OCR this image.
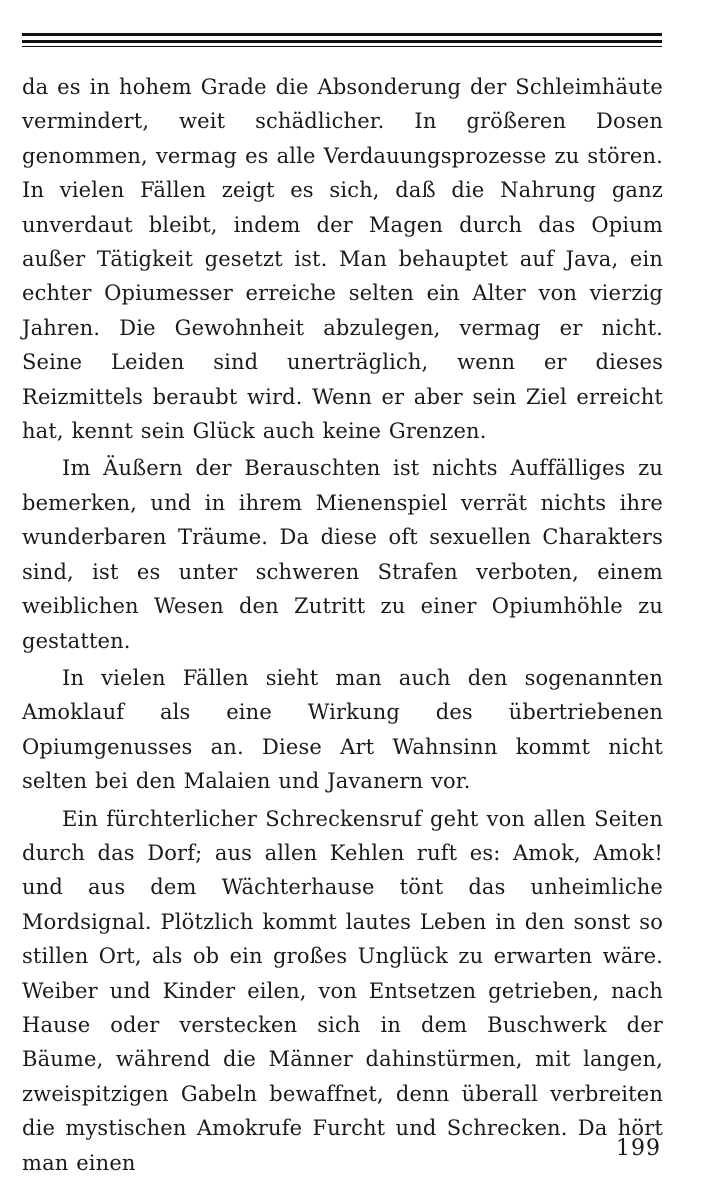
da es in hohem Grade die Absonderung der Schleimhäute vermindert, weit schädlicher. In größeren Dosen genommen, vermag es alle Verdauungsprozesse zu stören. In vielen Fällen zeigt es sich, daß die Nahrung ganz unverdaut bleibt, indem der Magen durch das Opium außer Tätigkeit gesetzt ist. Man behauptet auf Java, ein echter Opiumesser erreiche selten ein Alter von vierzig Jahren. Die Gewohnheit abzulegen, vermag er nicht. Seine Leiden sind unerträglich, wenn er dieses Reizmittels beraubt wird. Wenn er aber sein Ziel erreicht hat, kennt sein Glück auch keine Grenzen.

Im Äußern der Berauschten ist nichts Auffälliges zu bemerken, und in ihrem Mienenspiel verrät nichts ihre wunderbaren Träume. Da diese oft sexuellen Charakters sind, ist es unter schweren Strafen verboten, einem weiblichen Wesen den Zutritt zu einer Opiumhöhle zu gestatten.

In vielen Fällen sieht man auch den sogenannten Amoklauf als eine Wirkung des übertriebenen Opiumgenusses an. Diese Art Wahnsinn kommt nicht selten bei den Malaien und Javanern vor.

Ein fürchterlicher Schreckensruf geht von allen Seiten durch das Dorf; aus allen Kehlen ruft es: Amok, Amok! und aus dem Wächterhause tönt das unheimliche Mordsignal. Plötzlich kommt lautes Leben in den sonst so stillen Ort, als ob ein großes Unglück zu erwarten wäre. Weiber und Kinder eilen, von Entsetzen getrieben, nach Hause oder verstecken sich in dem Buschwerk der Bäume, während die Männer dahinstürmen, mit langen, zweispitzigen Gabeln bewaffnet, denn überall verbreiten die mystischen Amokrufe Furcht und Schrecken. Da hört man einen

199
